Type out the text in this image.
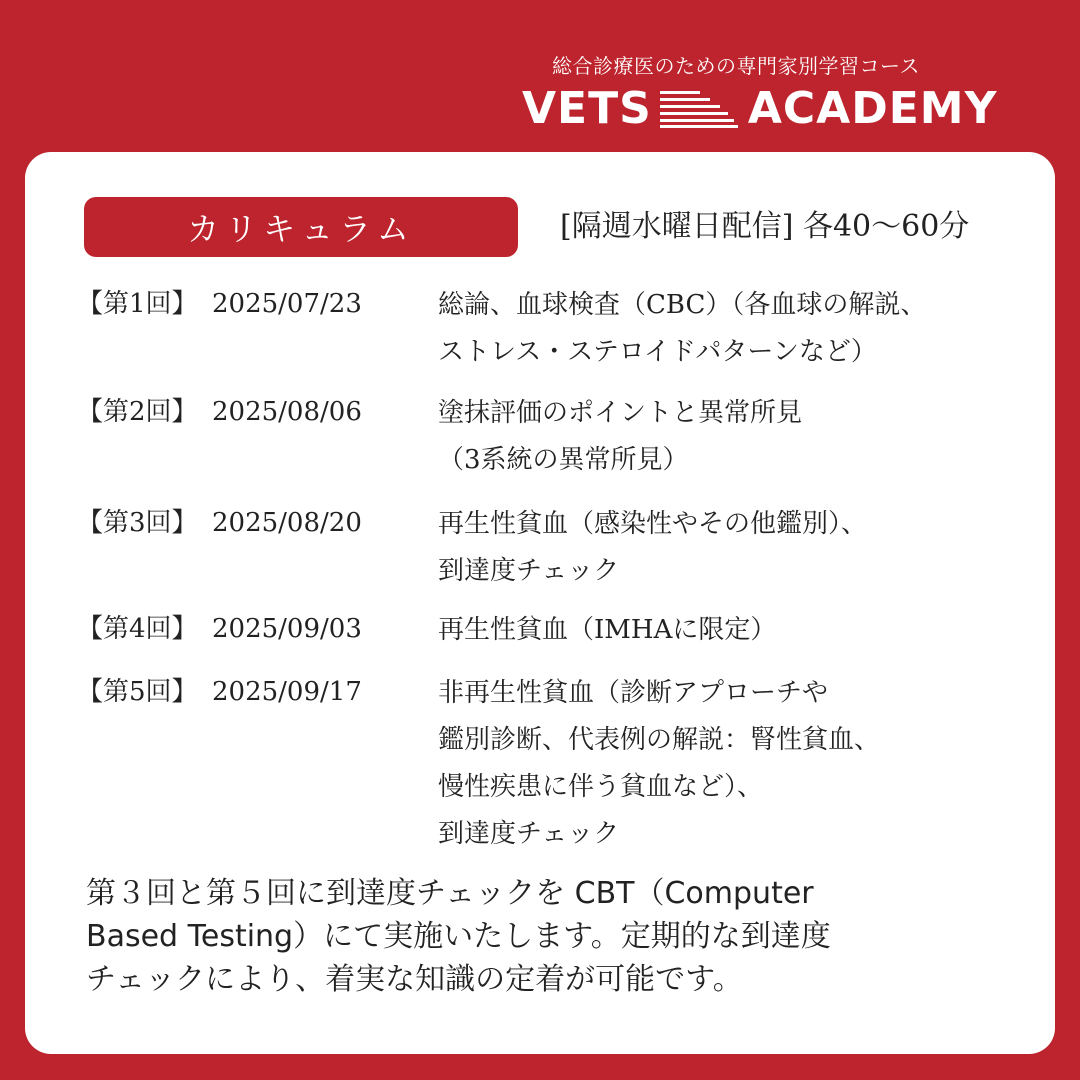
総合診療医のための専門家別学習コース
VETS ACADEMY
カリキュラム	[隔週水曜日配信] 各40～60分
【第1回】 2025/07/23	総論、血球検査（CBC）（各血球の解説、
ストレス・ステロイドパターンなど）
【第2回】 2025/08/06	塗抹評価のポイントと異常所見
（3系統の異常所見）
【第3回】 2025/08/20	再生性貧血（感染性やその他鑑別）、
到達度チェック
【第4回】 2025/09/03	再生性貧血（IMHAに限定）
【第5回】 2025/09/17	非再生性貧血（診断アプローチや
鑑別診断、代表例の解説：腎性貧血、
慢性疾患に伴う貧血など）、
到達度チェック
第３回と第５回に到達度チェックを CBT（Computer
Based Testing）にて実施いたします。定期的な到達度
チェックにより、着実な知識の定着が可能です。
